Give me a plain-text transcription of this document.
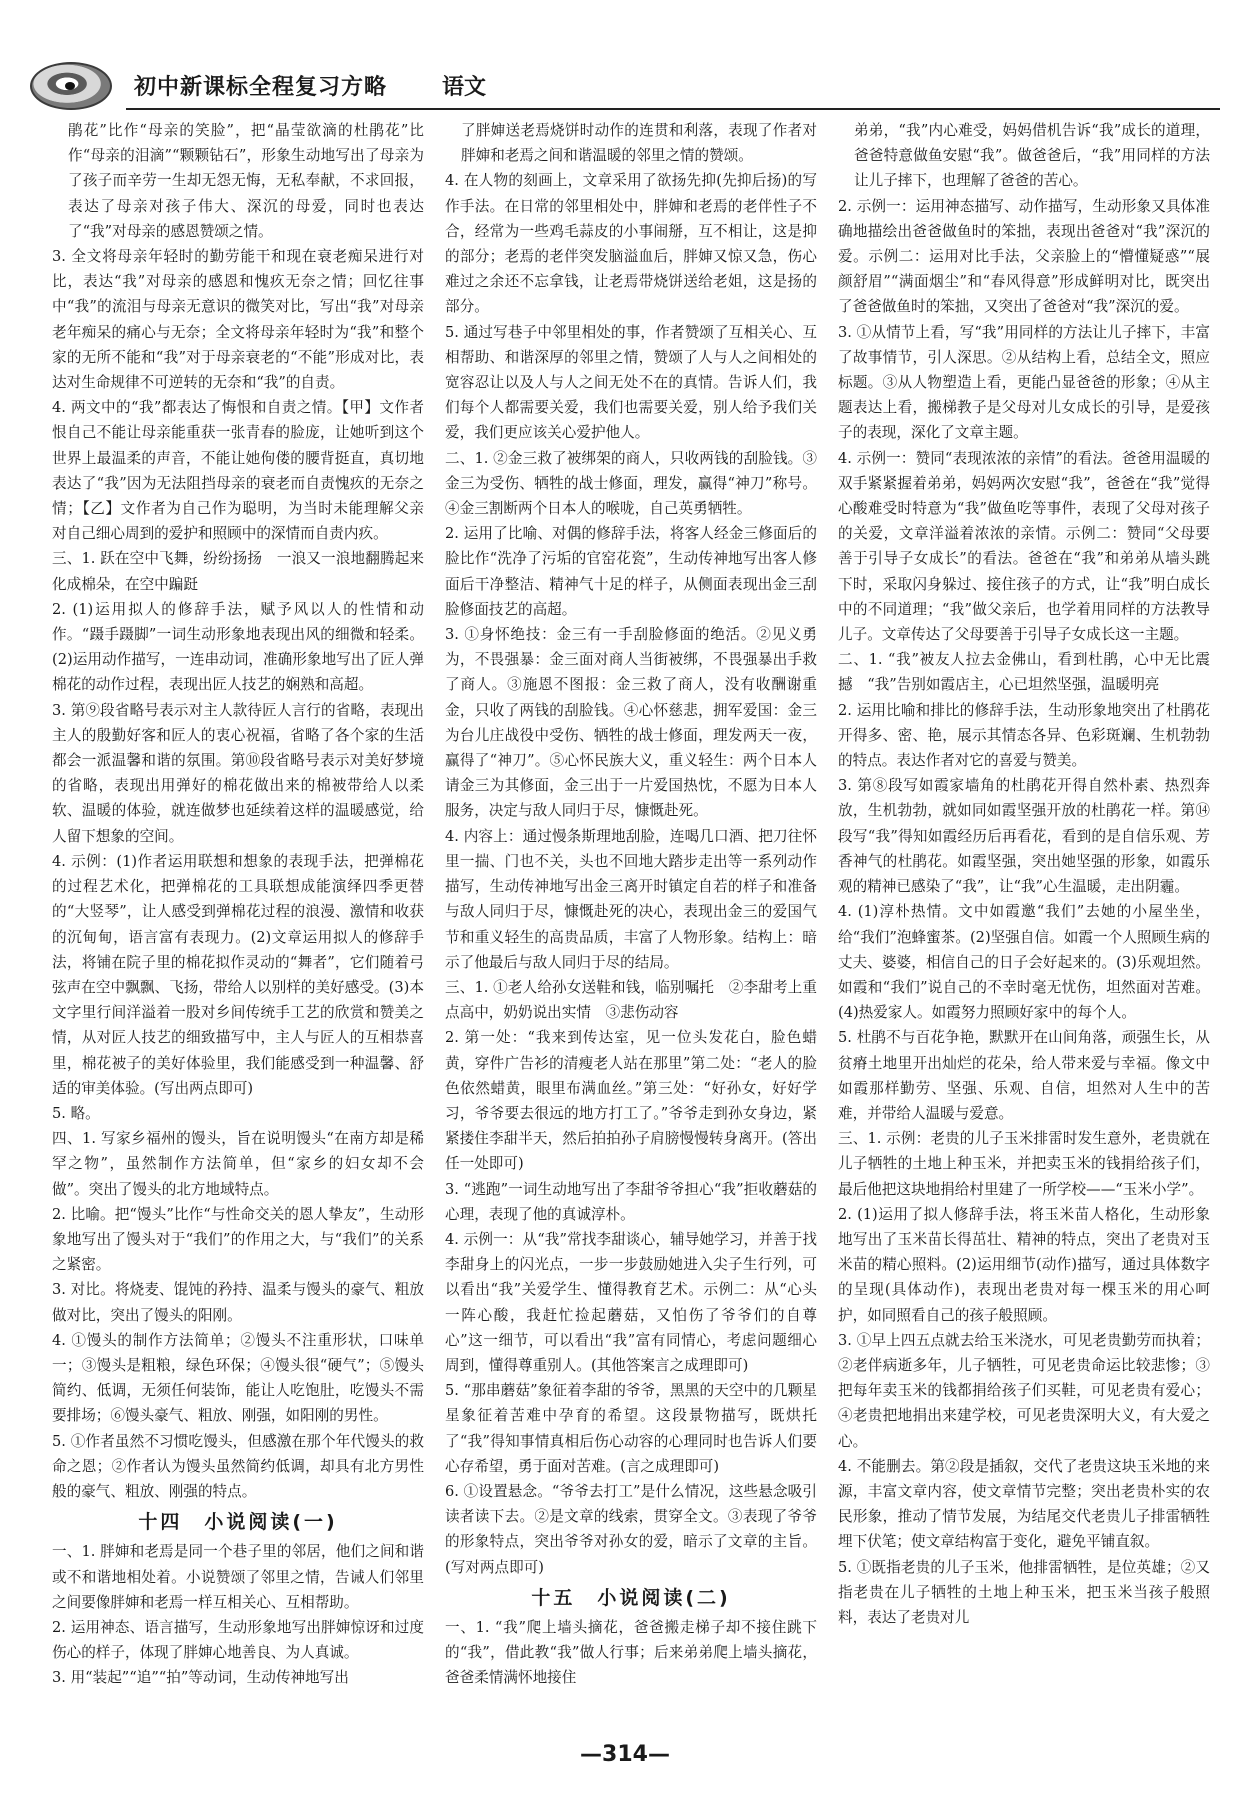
初中新课标全程复习方略 语文

鹃花”比作“母亲的笑脸”，把“晶莹欲滴的杜鹃花”比作“母亲的泪滴”“颗颗钻石”，形象生动地写出了母亲为了孩子而辛劳一生却无怨无悔，无私奉献，不求回报，表达了母亲对孩子伟大、深沉的母爱，同时也表达了“我”对母亲的感恩赞颂之情。

3. 全文将母亲年轻时的勤劳能干和现在衰老痴呆进行对比，表达“我”对母亲的感恩和愧疚无奈之情；回忆往事中“我”的流泪与母亲无意识的微笑对比，写出“我”对母亲老年痴呆的痛心与无奈；全文将母亲年轻时为“我”和整个家的无所不能和“我”对于母亲衰老的“不能”形成对比，表达对生命规律不可逆转的无奈和“我”的自责。

4. 两文中的“我”都表达了悔恨和自责之情。【甲】文作者恨自己不能让母亲能重获一张青春的脸庞，让她听到这个世界上最温柔的声音，不能让她佝偻的腰背挺直，真切地表达了“我”因为无法阻挡母亲的衰老而自责愧疚的无奈之情；【乙】文作者为自己作为聪明，为当时未能理解父亲对自己细心周到的爱护和照顾中的深情而自责内疚。

三、1. 跃在空中飞舞，纷纷扬扬　一浪又一浪地翻腾起来　化成棉朵，在空中蹁跹

2. (1)运用拟人的修辞手法，赋予风以人的性情和动作。“蹑手蹑脚”一词生动形象地表现出风的细微和轻柔。(2)运用动作描写，一连串动词，准确形象地写出了匠人弹棉花的动作过程，表现出匠人技艺的娴熟和高超。

3. 第⑨段省略号表示对主人款待匠人言行的省略，表现出主人的殷勤好客和匠人的衷心祝福，省略了各个家的生活都会一派温馨和谐的氛围。第⑩段省略号表示对美好梦境的省略，表现出用弹好的棉花做出来的棉被带给人以柔软、温暖的体验，就连做梦也延续着这样的温暖感觉，给人留下想象的空间。

4. 示例：(1)作者运用联想和想象的表现手法，把弹棉花的过程艺术化，把弹棉花的工具联想成能演绎四季更替的“大竖琴”，让人感受到弹棉花过程的浪漫、激情和收获的沉甸甸，语言富有表现力。(2)文章运用拟人的修辞手法，将铺在院子里的棉花拟作灵动的“舞者”，它们随着弓弦声在空中飘飘、飞扬，带给人以别样的美好感受。(3)本文字里行间洋溢着一股对乡间传统手工艺的欣赏和赞美之情，从对匠人技艺的细致描写中，主人与匠人的互相恭喜里，棉花被子的美好体验里，我们能感受到一种温馨、舒适的审美体验。(写出两点即可)

5. 略。

四、1. 写家乡福州的馒头，旨在说明馒头“在南方却是稀罕之物”，虽然制作方法简单，但“家乡的妇女却不会做”。突出了馒头的北方地域特点。

2. 比喻。把“馒头”比作“与性命交关的恩人挚友”，生动形象地写出了馒头对于“我们”的作用之大，与“我们”的关系之紧密。

3. 对比。将烧麦、馄饨的矜持、温柔与馒头的豪气、粗放做对比，突出了馒头的阳刚。

4. ①馒头的制作方法简单；②馒头不注重形状，口味单一；③馒头是粗粮，绿色环保；④馒头很“硬气”；⑤馒头简约、低调，无须任何装饰，能让人吃饱肚，吃馒头不需要排场；⑥馒头豪气、粗放、刚强，如阳刚的男性。

5. ①作者虽然不习惯吃馒头，但感激在那个年代馒头的救命之恩；②作者认为馒头虽然简约低调，却具有北方男性般的豪气、粗放、刚强的特点。

十四　小说阅读(一)

一、1. 胖婶和老焉是同一个巷子里的邻居，他们之间和谐或不和谐地相处着。小说赞颂了邻里之情，告诫人们邻里之间要像胖婶和老焉一样互相关心、互相帮助。

2. 运用神态、语言描写，生动形象地写出胖婶惊讶和过度伤心的样子，体现了胖婶心地善良、为人真诚。

3. 用“装起”“追”“拍”等动词，生动传神地写出

了胖婶送老焉烧饼时动作的连贯和利落，表现了作者对胖婶和老焉之间和谐温暖的邻里之情的赞颂。

4. 在人物的刻画上，文章采用了欲扬先抑(先抑后扬)的写作手法。在日常的邻里相处中，胖婶和老焉的老伴性子不合，经常为一些鸡毛蒜皮的小事闹掰，互不相让，这是抑的部分；老焉的老伴突发脑溢血后，胖婶又惊又急，伤心难过之余还不忘拿钱，让老焉带烧饼送给老姐，这是扬的部分。

5. 通过写巷子中邻里相处的事，作者赞颂了互相关心、互相帮助、和谐深厚的邻里之情，赞颂了人与人之间相处的宽容忍让以及人与人之间无处不在的真情。告诉人们，我们每个人都需要关爱，我们也需要关爱，别人给予我们关爱，我们更应该关心爱护他人。

二、1. ②金三救了被绑架的商人，只收两钱的刮脸钱。③金三为受伤、牺牲的战士修面，理发，赢得“神刀”称号。④金三割断两个日本人的喉咙，自己英勇牺牲。

2. 运用了比喻、对偶的修辞手法，将客人经金三修面后的脸比作“洗净了污垢的官窑花瓷”，生动传神地写出客人修面后干净整洁、精神气十足的样子，从侧面表现出金三刮脸修面技艺的高超。

3. ①身怀绝技：金三有一手刮脸修面的绝活。②见义勇为，不畏强暴：金三面对商人当街被绑，不畏强暴出手救了商人。③施恩不图报：金三救了商人，没有收酬谢重金，只收了两钱的刮脸钱。④心怀慈悲，拥军爱国：金三为台儿庄战役中受伤、牺牲的战士修面，理发两天一夜，赢得了“神刀”。⑤心怀民族大义，重义轻生：两个日本人请金三为其修面，金三出于一片爱国热忱，不愿为日本人服务，决定与敌人同归于尽，慷慨赴死。

4. 内容上：通过慢条斯理地刮脸，连喝几口酒、把刀往怀里一揣、门也不关，头也不回地大踏步走出等一系列动作描写，生动传神地写出金三离开时镇定自若的样子和准备与敌人同归于尽，慷慨赴死的决心，表现出金三的爱国气节和重义轻生的高贵品质，丰富了人物形象。结构上：暗示了他最后与敌人同归于尽的结局。

三、1. ①老人给孙女送鞋和钱，临别嘱托　②李甜考上重点高中，奶奶说出实情　③悲伤动容

2. 第一处：“我来到传达室，见一位头发花白，脸色蜡黄，穿件广告衫的清瘦老人站在那里”第二处：“老人的脸色依然蜡黄，眼里布满血丝。”第三处：“好孙女，好好学习，爷爷要去很远的地方打工了。”爷爷走到孙女身边，紧紧搂住李甜半天，然后拍拍孙子肩膀慢慢转身离开。(答出任一处即可)

3. “逃跑”一词生动地写出了李甜爷爷担心“我”拒收蘑菇的心理，表现了他的真诚淳朴。

4. 示例一：从“我”常找李甜谈心，辅导她学习，并善于找李甜身上的闪光点，一步一步鼓励她进入尖子生行列，可以看出“我”关爱学生、懂得教育艺术。示例二：从“心头一阵心酸，我赶忙捡起蘑菇，又怕伤了爷爷们的自尊心”这一细节，可以看出“我”富有同情心，考虑问题细心周到，懂得尊重别人。(其他答案言之成理即可)

5. “那串蘑菇”象征着李甜的爷爷，黑黑的天空中的几颗星星象征着苦难中孕育的希望。这段景物描写，既烘托了“我”得知事情真相后伤心动容的心理同时也告诉人们要心存希望，勇于面对苦难。(言之成理即可)

6. ①设置悬念。“爷爷去打工”是什么情况，这些悬念吸引读者读下去。②是文章的线索，贯穿全文。③表现了爷爷的形象特点，突出爷爷对孙女的爱，暗示了文章的主旨。(写对两点即可)

十五　小说阅读(二)

一、1. “我”爬上墙头摘花，爸爸搬走梯子却不接住跳下的“我”，借此教“我”做人行事；后来弟弟爬上墙头摘花，爸爸柔情满怀地接住

弟弟，“我”内心难受，妈妈借机告诉“我”成长的道理，爸爸特意做鱼安慰“我”。做爸爸后，“我”用同样的方法让儿子摔下，也理解了爸爸的苦心。

2. 示例一：运用神态描写、动作描写，生动形象又具体准确地描绘出爸爸做鱼时的笨拙，表现出爸爸对“我”深沉的爱。示例二：运用对比手法，父亲脸上的“懵懂疑惑”“展颜舒眉”“满面烟尘”和“春风得意”形成鲜明对比，既突出了爸爸做鱼时的笨拙，又突出了爸爸对“我”深沉的爱。

3. ①从情节上看，写“我”用同样的方法让儿子摔下，丰富了故事情节，引人深思。②从结构上看，总结全文，照应标题。③从人物塑造上看，更能凸显爸爸的形象；④从主题表达上看，搬梯教子是父母对儿女成长的引导，是爱孩子的表现，深化了文章主题。

4. 示例一：赞同“表现浓浓的亲情”的看法。爸爸用温暖的双手紧紧握着弟弟，妈妈两次安慰“我”，爸爸在“我”觉得心酸难受时特意为“我”做鱼吃等事件，表现了父母对孩子的关爱，文章洋溢着浓浓的亲情。示例二：赞同“父母要善于引导子女成长”的看法。爸爸在“我”和弟弟从墙头跳下时，采取闪身躲过、接住孩子的方式，让“我”明白成长中的不同道理；“我”做父亲后，也学着用同样的方法教导儿子。文章传达了父母要善于引导子女成长这一主题。

二、1. “我”被友人拉去金佛山，看到杜鹃，心中无比震撼　“我”告别如霞店主，心已坦然坚强，温暖明亮

2. 运用比喻和排比的修辞手法，生动形象地突出了杜鹃花开得多、密、艳，展示其情态各异、色彩斑斓、生机勃勃的特点。表达作者对它的喜爱与赞美。

3. 第⑧段写如霞家墙角的杜鹃花开得自然朴素、热烈奔放，生机勃勃，就如同如霞坚强开放的杜鹃花一样。第⑭段写“我”得知如霞经历后再看花，看到的是自信乐观、芳香神气的杜鹃花。如霞坚强，突出她坚强的形象，如霞乐观的精神已感染了“我”，让“我”心生温暖，走出阴霾。

4. (1)淳朴热情。文中如霞邀“我们”去她的小屋坐坐，给“我们”泡蜂蜜茶。(2)坚强自信。如霞一个人照顾生病的丈夫、婆婆，相信自己的日子会好起来的。(3)乐观坦然。如霞和“我们”说自己的不幸时毫无忧伤，坦然面对苦难。(4)热爱家人。如霞努力照顾好家中的每个人。

5. 杜鹃不与百花争艳，默默开在山间角落，顽强生长，从贫瘠土地里开出灿烂的花朵，给人带来爱与幸福。像文中如霞那样勤劳、坚强、乐观、自信，坦然对人生中的苦难，并带给人温暖与爱意。

三、1. 示例：老贵的儿子玉米排雷时发生意外，老贵就在儿子牺牲的土地上种玉米，并把卖玉米的钱捐给孩子们，最后他把这块地捐给村里建了一所学校——“玉米小学”。

2. (1)运用了拟人修辞手法，将玉米苗人格化，生动形象地写出了玉米苗长得茁壮、精神的特点，突出了老贵对玉米苗的精心照料。(2)运用细节(动作)描写，通过具体数字的呈现(具体动作)，表现出老贵对每一棵玉米的用心呵护，如同照看自己的孩子般照顾。

3. ①早上四五点就去给玉米浇水，可见老贵勤劳而执着；②老伴病逝多年，儿子牺牲，可见老贵命运比较悲惨；③把每年卖玉米的钱都捐给孩子们买鞋，可见老贵有爱心；④老贵把地捐出来建学校，可见老贵深明大义，有大爱之心。

4. 不能删去。第②段是插叙，交代了老贵这块玉米地的来源，丰富文章内容，使文章情节完整；突出老贵朴实的农民形象，推动了情节发展，为结尾交代老贵儿子排雷牺牲埋下伏笔；使文章结构富于变化，避免平铺直叙。

5. ①既指老贵的儿子玉米，他排雷牺牲，是位英雄；②又指老贵在儿子牺牲的土地上种玉米，把玉米当孩子般照料，表达了老贵对儿

—314—
